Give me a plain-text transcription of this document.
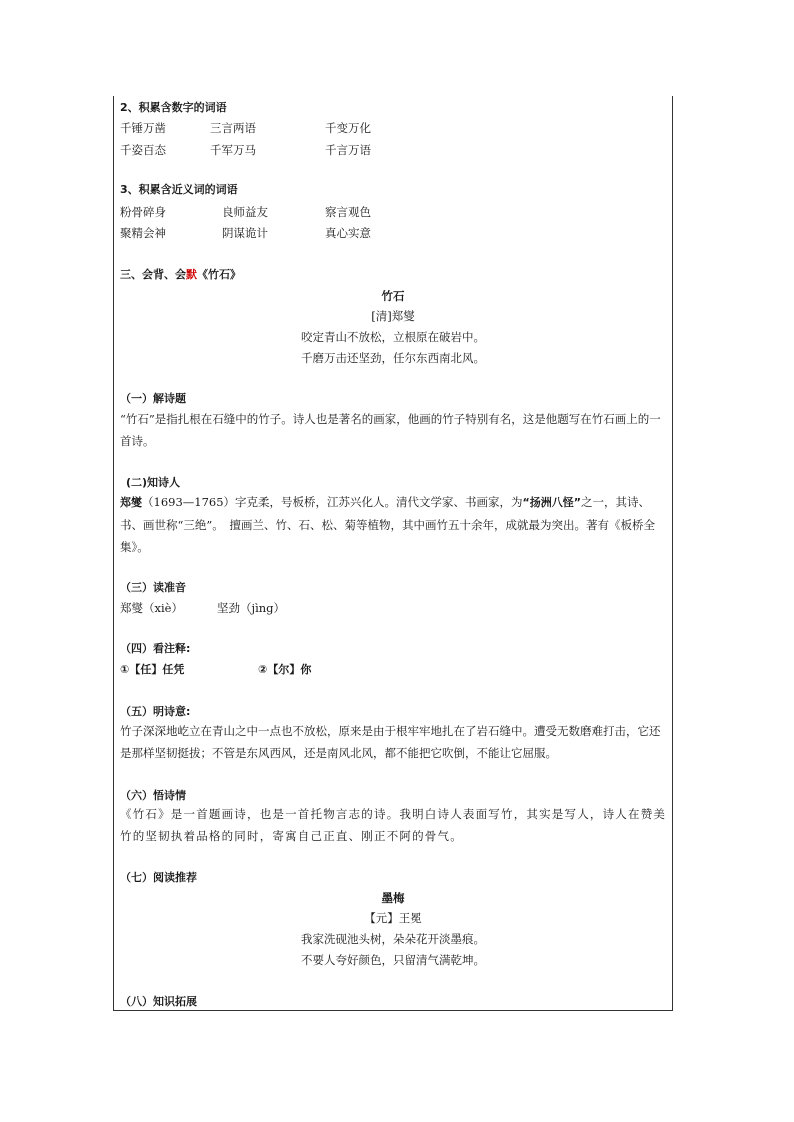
2、积累含数字的词语
千锤万凿	三言两语	千变万化
千姿百态	千军万马	千言万语
3、积累含近义词的词语
粉骨碎身	良师益友	察言观色
聚精会神	阴谋诡计	真心实意
三、会背、会默《竹石》
竹石
[清]郑燮
咬定青山不放松，立根原在破岩中。
千磨万击还坚劲，任尔东西南北风。
（一）解诗题
“竹石”是指扎根在石缝中的竹子。诗人也是著名的画家，他画的竹子特别有名，这是他题写在竹石画上的一首诗。
(二)知诗人
郑燮（1693—1765）字克柔，号板桥，江苏兴化人。清代文学家、书画家，为“扬洲八怪”之一，其诗、书、画世称“三绝”。　擅画兰、竹、石、松、菊等植物，其中画竹五十余年，成就最为突出。著有《板桥全集》。
（三）读准音
郑燮（xiè）	坚劲（jìng）
（四）看注释:
①【任】任凭	②【尔】你
（五）明诗意:
竹子深深地屹立在青山之中一点也不放松，原来是由于根牢牢地扎在了岩石缝中。遭受无数磨难打击，它还是那样坚韧挺拔；不管是东风西风，还是南风北风，都不能把它吹倒，不能让它屈服。
（六）悟诗情
《竹石》是一首题画诗，也是一首托物言志的诗。我明白诗人表面写竹，其实是写人，诗人在赞美竹的坚韧执着品格的同时，寄寓自己正直、刚正不阿的骨气。
（七）阅读推荐
墨梅
【元】王冕
我家洗砚池头树，朵朵花开淡墨痕。
不要人夸好颜色，只留清气满乾坤。
（八）知识拓展
